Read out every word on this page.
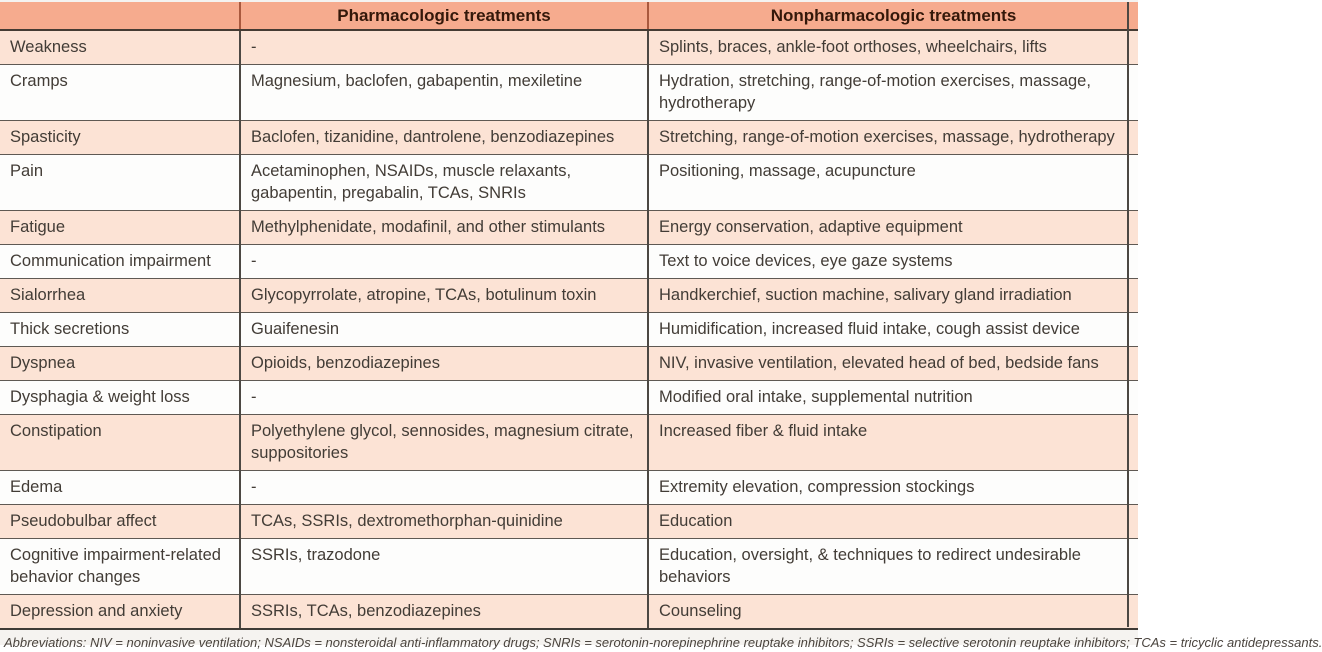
	Pharmacologic treatments	Nonpharmacologic treatments
Weakness	-	Splints, braces, ankle-foot orthoses, wheelchairs, lifts
Cramps	Magnesium, baclofen, gabapentin, mexiletine	Hydration, stretching, range-of-motion exercises, massage, hydrotherapy
Spasticity	Baclofen, tizanidine, dantrolene, benzodiazepines	Stretching, range-of-motion exercises, massage, hydrotherapy
Pain	Acetaminophen, NSAIDs, muscle relaxants, gabapentin, pregabalin, TCAs, SNRIs	Positioning, massage, acupuncture
Fatigue	Methylphenidate, modafinil, and other stimulants	Energy conservation, adaptive equipment
Communication impairment	-	Text to voice devices, eye gaze systems
Sialorrhea	Glycopyrrolate, atropine, TCAs, botulinum toxin	Handkerchief, suction machine, salivary gland irradiation
Thick secretions	Guaifenesin	Humidification, increased fluid intake, cough assist device
Dyspnea	Opioids, benzodiazepines	NIV, invasive ventilation, elevated head of bed, bedside fans
Dysphagia & weight loss	-	Modified oral intake, supplemental nutrition
Constipation	Polyethylene glycol, sennosides, magnesium citrate, suppositories	Increased fiber & fluid intake
Edema	-	Extremity elevation, compression stockings
Pseudobulbar affect	TCAs, SSRIs, dextromethorphan-quinidine	Education
Cognitive impairment-related behavior changes	SSRIs, trazodone	Education, oversight, & techniques to redirect undesirable behaviors
Depression and anxiety	SSRIs, TCAs, benzodiazepines	Counseling
Abbreviations: NIV = noninvasive ventilation; NSAIDs = nonsteroidal anti-inflammatory drugs; SNRIs = serotonin-norepinephrine reuptake inhibitors; SSRIs = selective serotonin reuptake inhibitors; TCAs = tricyclic antidepressants.
